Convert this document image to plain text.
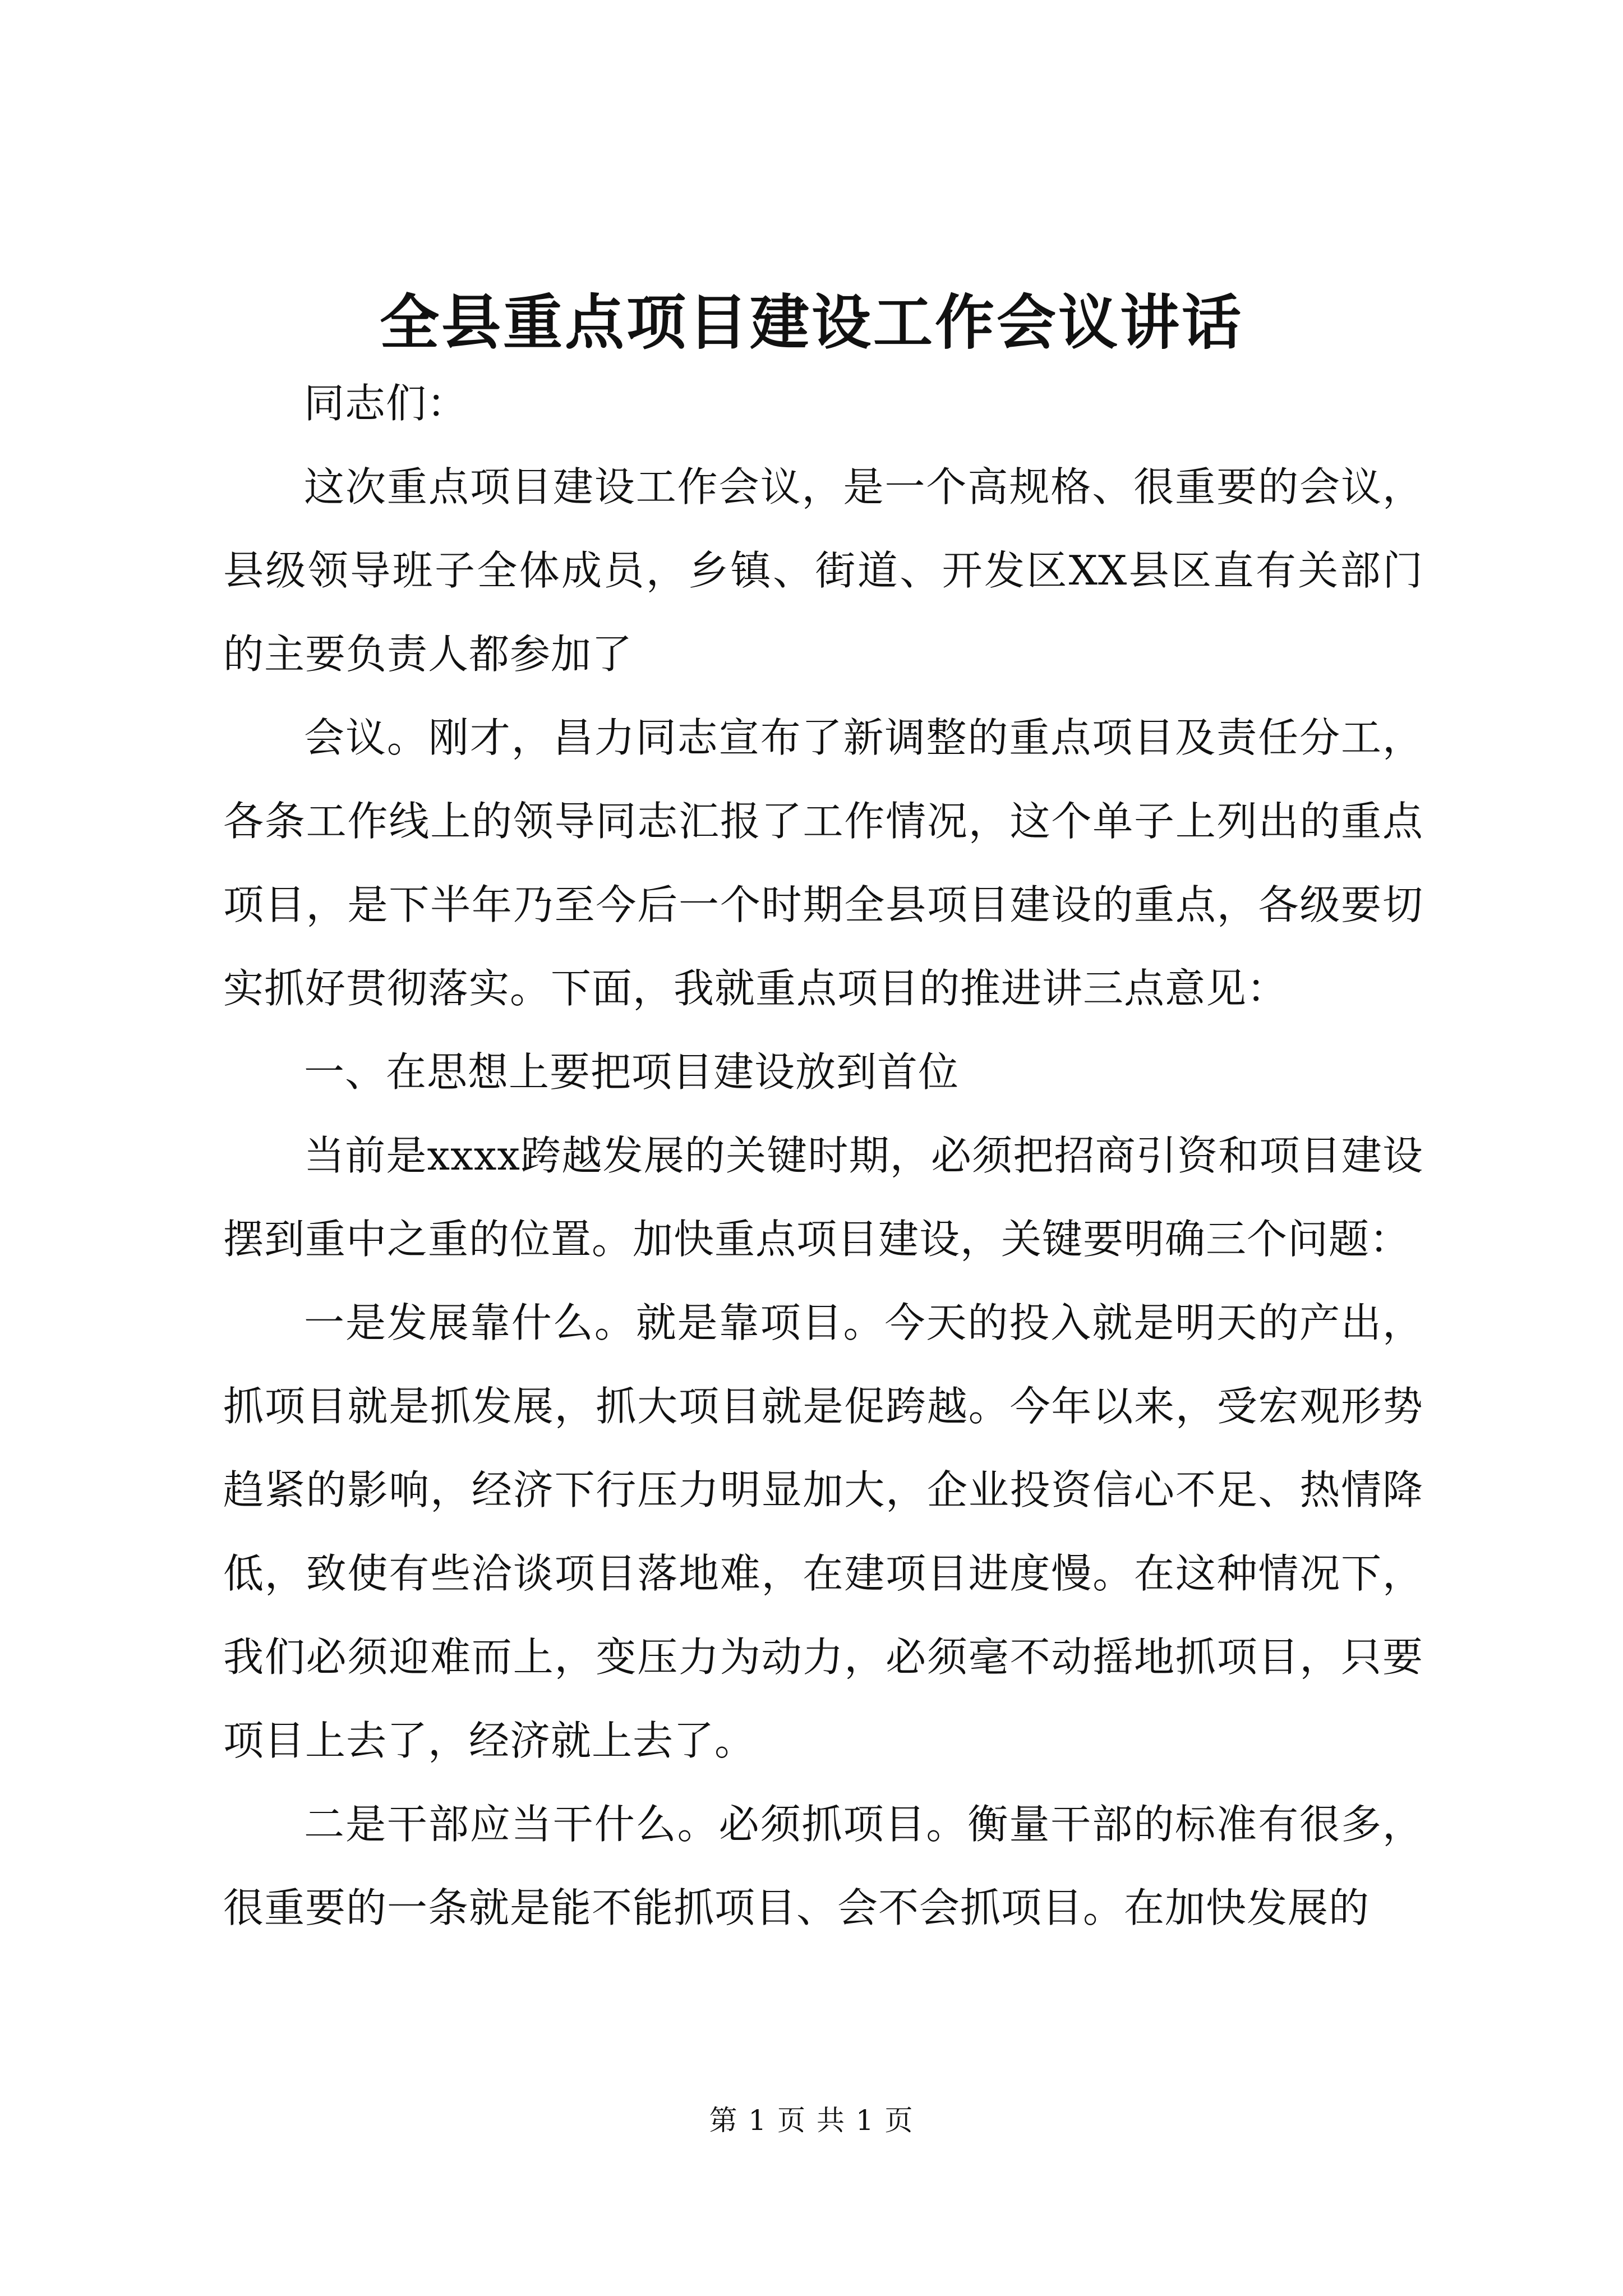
全县重点项目建设工作会议讲话

同志们：

这次重点项目建设工作会议，是一个高规格、很重要的会议，县级领导班子全体成员，乡镇、街道、开发区XX县区直有关部门的主要负责人都参加了

会议。刚才，昌力同志宣布了新调整的重点项目及责任分工，各条工作线上的领导同志汇报了工作情况，这个单子上列出的重点项目，是下半年乃至今后一个时期全县项目建设的重点，各级要切实抓好贯彻落实。下面，我就重点项目的推进讲三点意见：

一、在思想上要把项目建设放到首位

当前是xxxx跨越发展的关键时期，必须把招商引资和项目建设摆到重中之重的位置。加快重点项目建设，关键要明确三个问题：

一是发展靠什么。就是靠项目。今天的投入就是明天的产出，抓项目就是抓发展，抓大项目就是促跨越。今年以来，受宏观形势趋紧的影响，经济下行压力明显加大，企业投资信心不足、热情降低，致使有些洽谈项目落地难，在建项目进度慢。在这种情况下，我们必须迎难而上，变压力为动力，必须毫不动摇地抓项目，只要项目上去了，经济就上去了。

二是干部应当干什么。必须抓项目。衡量干部的标准有很多，很重要的一条就是能不能抓项目、会不会抓项目。在加快发展的

第 1 页 共 1 页
